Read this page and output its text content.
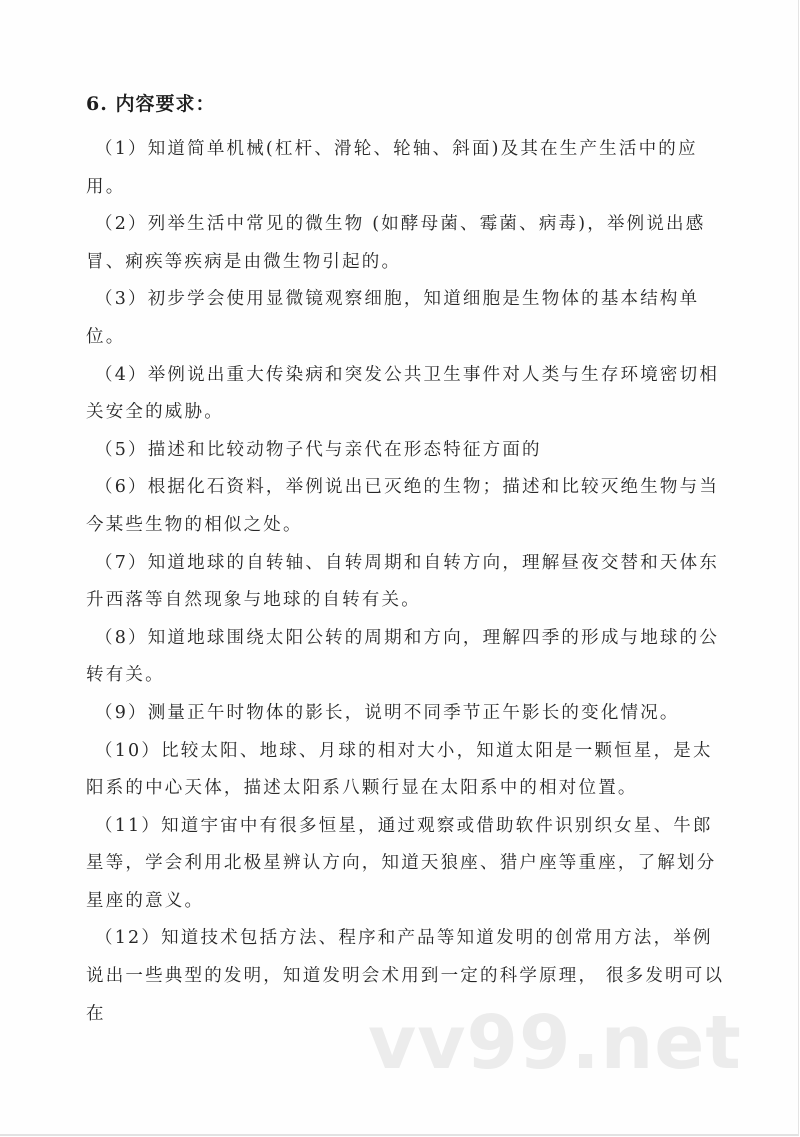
6. 内容要求：

（1）知道简单机械(杠杆、滑轮、轮轴、斜面)及其在生产生活中的应用。

（2）列举生活中常见的微生物 (如酵母菌、霉菌、病毒)，举例说出感冒、痢疾等疾病是由微生物引起的。

（3）初步学会使用显微镜观察细胞，知道细胞是生物体的基本结构单位。

（4）举例说出重大传染病和突发公共卫生事件对人类与生存环境密切相关安全的威胁。

（5）描述和比较动物子代与亲代在形态特征方面的

（6）根据化石资料，举例说出已灭绝的生物；描述和比较灭绝生物与当今某些生物的相似之处。

（7）知道地球的自转轴、自转周期和自转方向，理解昼夜交替和天体东升西落等自然现象与地球的自转有关。

（8）知道地球围绕太阳公转的周期和方向，理解四季的形成与地球的公转有关。

（9）测量正午时物体的影长，说明不同季节正午影长的变化情况。

（10）比较太阳、地球、月球的相对大小，知道太阳是一颗恒星，是太阳系的中心天体，描述太阳系八颗行显在太阳系中的相对位置。

（11）知道宇宙中有很多恒星，通过观察或借助软件识别织女星、牛郎星等，学会利用北极星辨认方向，知道天狼座、猎户座等重座，了解划分星座的意义。

（12）知道技术包括方法、程序和产品等知道发明的创常用方法，举例说出一些典型的发明，知道发明会术用到一定的科学原理， 很多发明可以在	vv99.net
